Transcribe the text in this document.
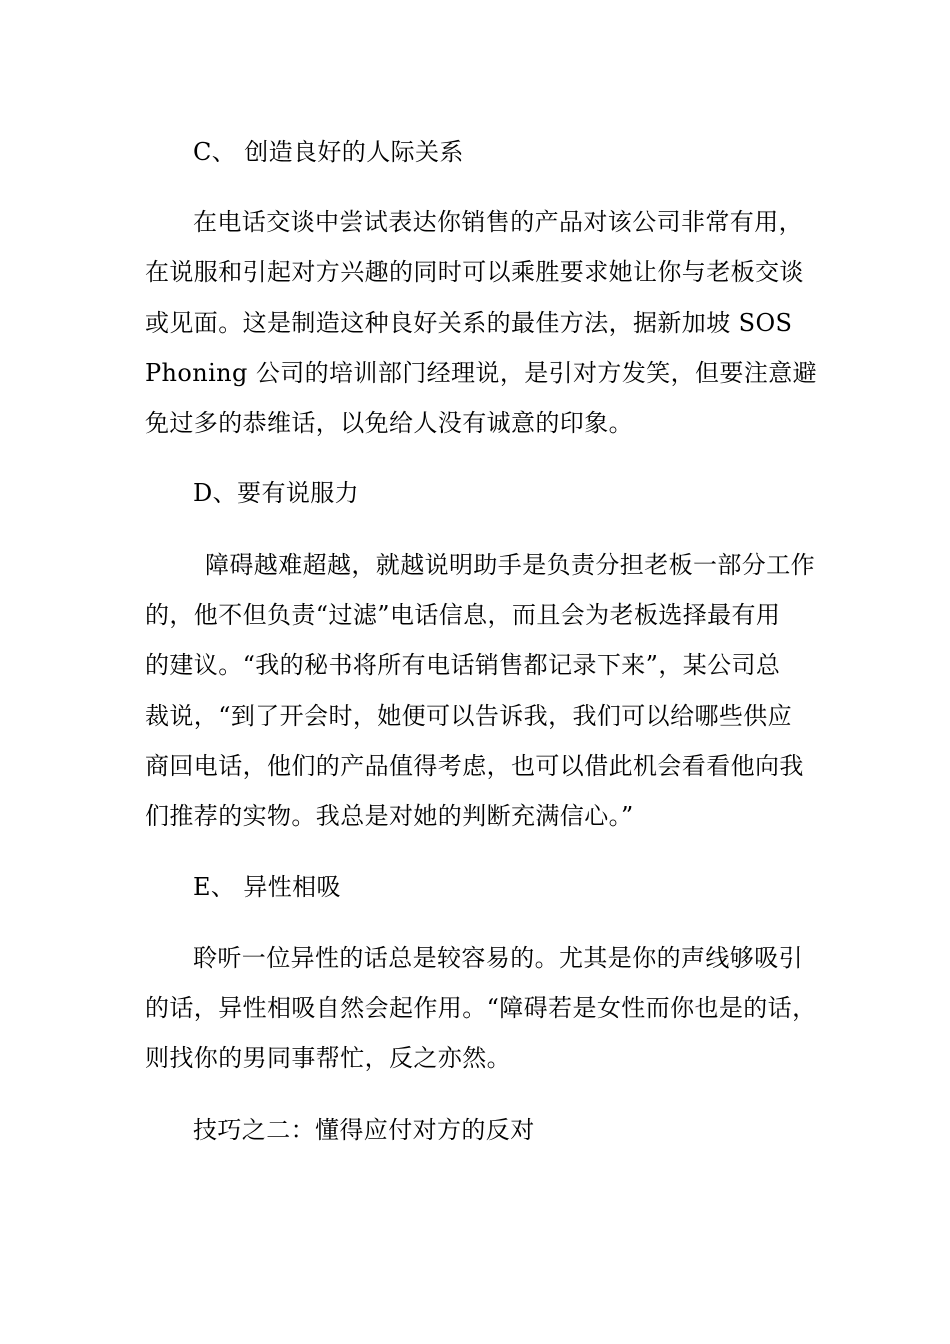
C、 创造良好的人际关系
在电话交谈中尝试表达你销售的产品对该公司非常有用，
在说服和引起对方兴趣的同时可以乘胜要求她让你与老板交谈
或见面。这是制造这种良好关系的最佳方法，据新加坡 SOS
Phoning 公司的培训部门经理说，是引对方发笑，但要注意避
免过多的恭维话，以免给人没有诚意的印象。
D、要有说服力
障碍越难超越，就越说明助手是负责分担老板一部分工作
的，他不但负责“过滤”电话信息，而且会为老板选择最有用
的建议。“我的秘书将所有电话销售都记录下来”，某公司总
裁说，“到了开会时，她便可以告诉我，我们可以给哪些供应
商回电话，他们的产品值得考虑，也可以借此机会看看他向我
们推荐的实物。我总是对她的判断充满信心。”
E、 异性相吸
聆听一位异性的话总是较容易的。尤其是你的声线够吸引
的话，异性相吸自然会起作用。“障碍若是女性而你也是的话，
则找你的男同事帮忙，反之亦然。
技巧之二：懂得应付对方的反对
